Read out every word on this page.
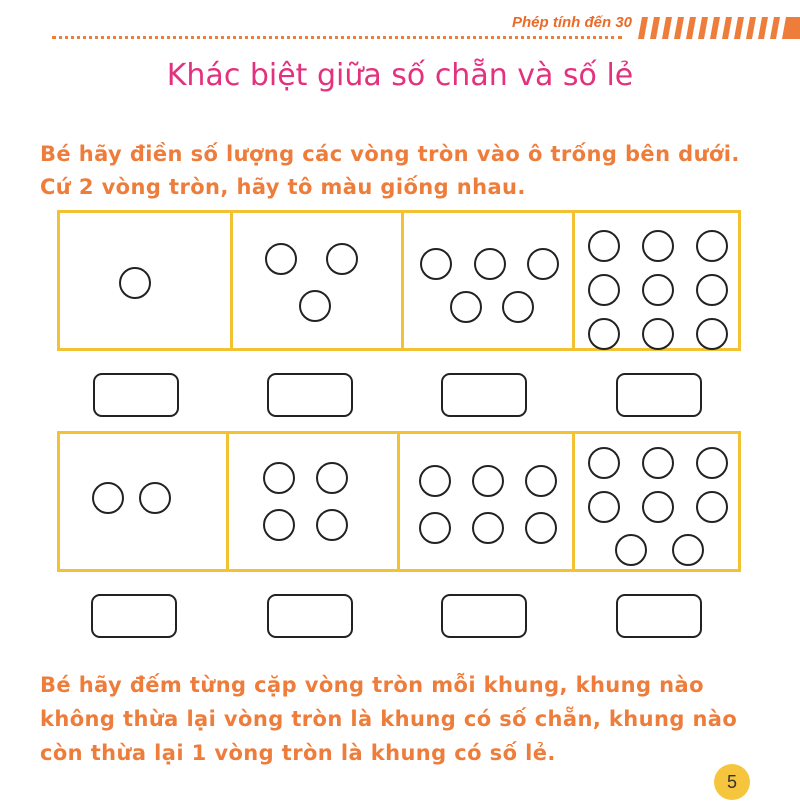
Phép tính đến 30
Khác biệt giữa số chẵn và số lẻ

Bé hãy điền số lượng các vòng tròn vào ô trống bên dưới. Cứ 2 vòng tròn, hãy tô màu giống nhau.

Bé hãy đếm từng cặp vòng tròn mỗi khung, khung nào không thừa lại vòng tròn là khung có số chẵn, khung nào còn thừa lại 1 vòng tròn là khung có số lẻ.

5
